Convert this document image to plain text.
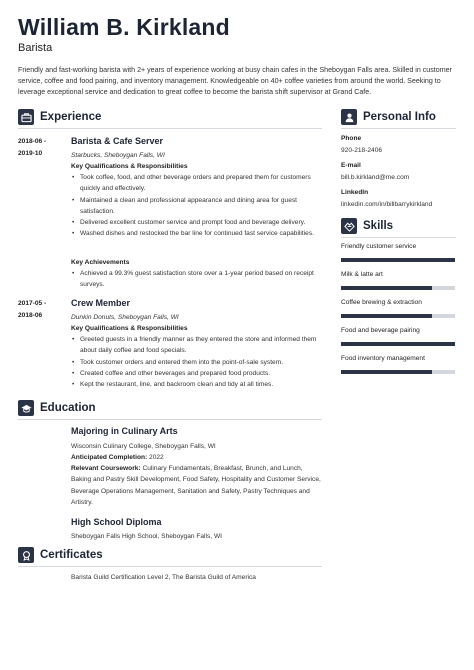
William B. Kirkland
Barista
Friendly and fast-working barista with 2+ years of experience working at busy chain cafes in the Sheboygan Falls area. Skilled in customer service, coffee and food pairing, and inventory management. Knowledgeable on 40+ coffee varieties from around the world. Seeking to leverage exceptional service and dedication to great coffee to become the barista shift supervisor at Grand Cafe.
Experience
2018-06 -
2019-10
Barista & Cafe Server
Starbucks, Sheboygan Falls, WI
Key Qualifications & Responsibilities
• Took coffee, food, and other beverage orders and prepared them for customers quickly and effectively.
• Maintained a clean and professional appearance and dining area for guest satisfaction.
• Delivered excellent customer service and prompt food and beverage delivery.
• Washed dishes and restocked the bar line for continued fast service capabilities.
Key Achievements
• Achieved a 99.3% guest satisfaction store over a 1-year period based on receipt surveys.
2017-05 -
2018-06
Crew Member
Dunkin Donuts, Sheboygan Falls, WI
Key Qualifications & Responsibilities
• Greeted guests in a friendly manner as they entered the store and informed them about daily coffee and food specials.
• Took customer orders and entered them into the point-of-sale system.
• Created coffee and other beverages and prepared food products.
• Kept the restaurant, line, and backroom clean and tidy at all times.
Education
Majoring in Culinary Arts
Wisconsin Culinary College, Sheboygan Falls, WI
Anticipated Completion: 2022
Relevant Coursework: Culinary Fundamentals, Breakfast, Brunch, and Lunch, Baking and Pastry Skill Development, Food Safety, Hospitality and Customer Service, Beverage Operations Management, Sanitation and Safety, Pastry Techniques and Artistry.
High School Diploma
Sheboygan Falls High School, Sheboygan Falls, WI
Certificates
Barista Guild Certification Level 2, The Barista Guild of America
Personal Info
Phone
920-218-2406
E-mail
bill.b.kirkland@me.com
LinkedIn
linkedin.com/in/billbarrykirkland
Skills
Friendly customer service
Milk & latte art
Coffee brewing & extraction
Food and beverage pairing
Food inventory management
